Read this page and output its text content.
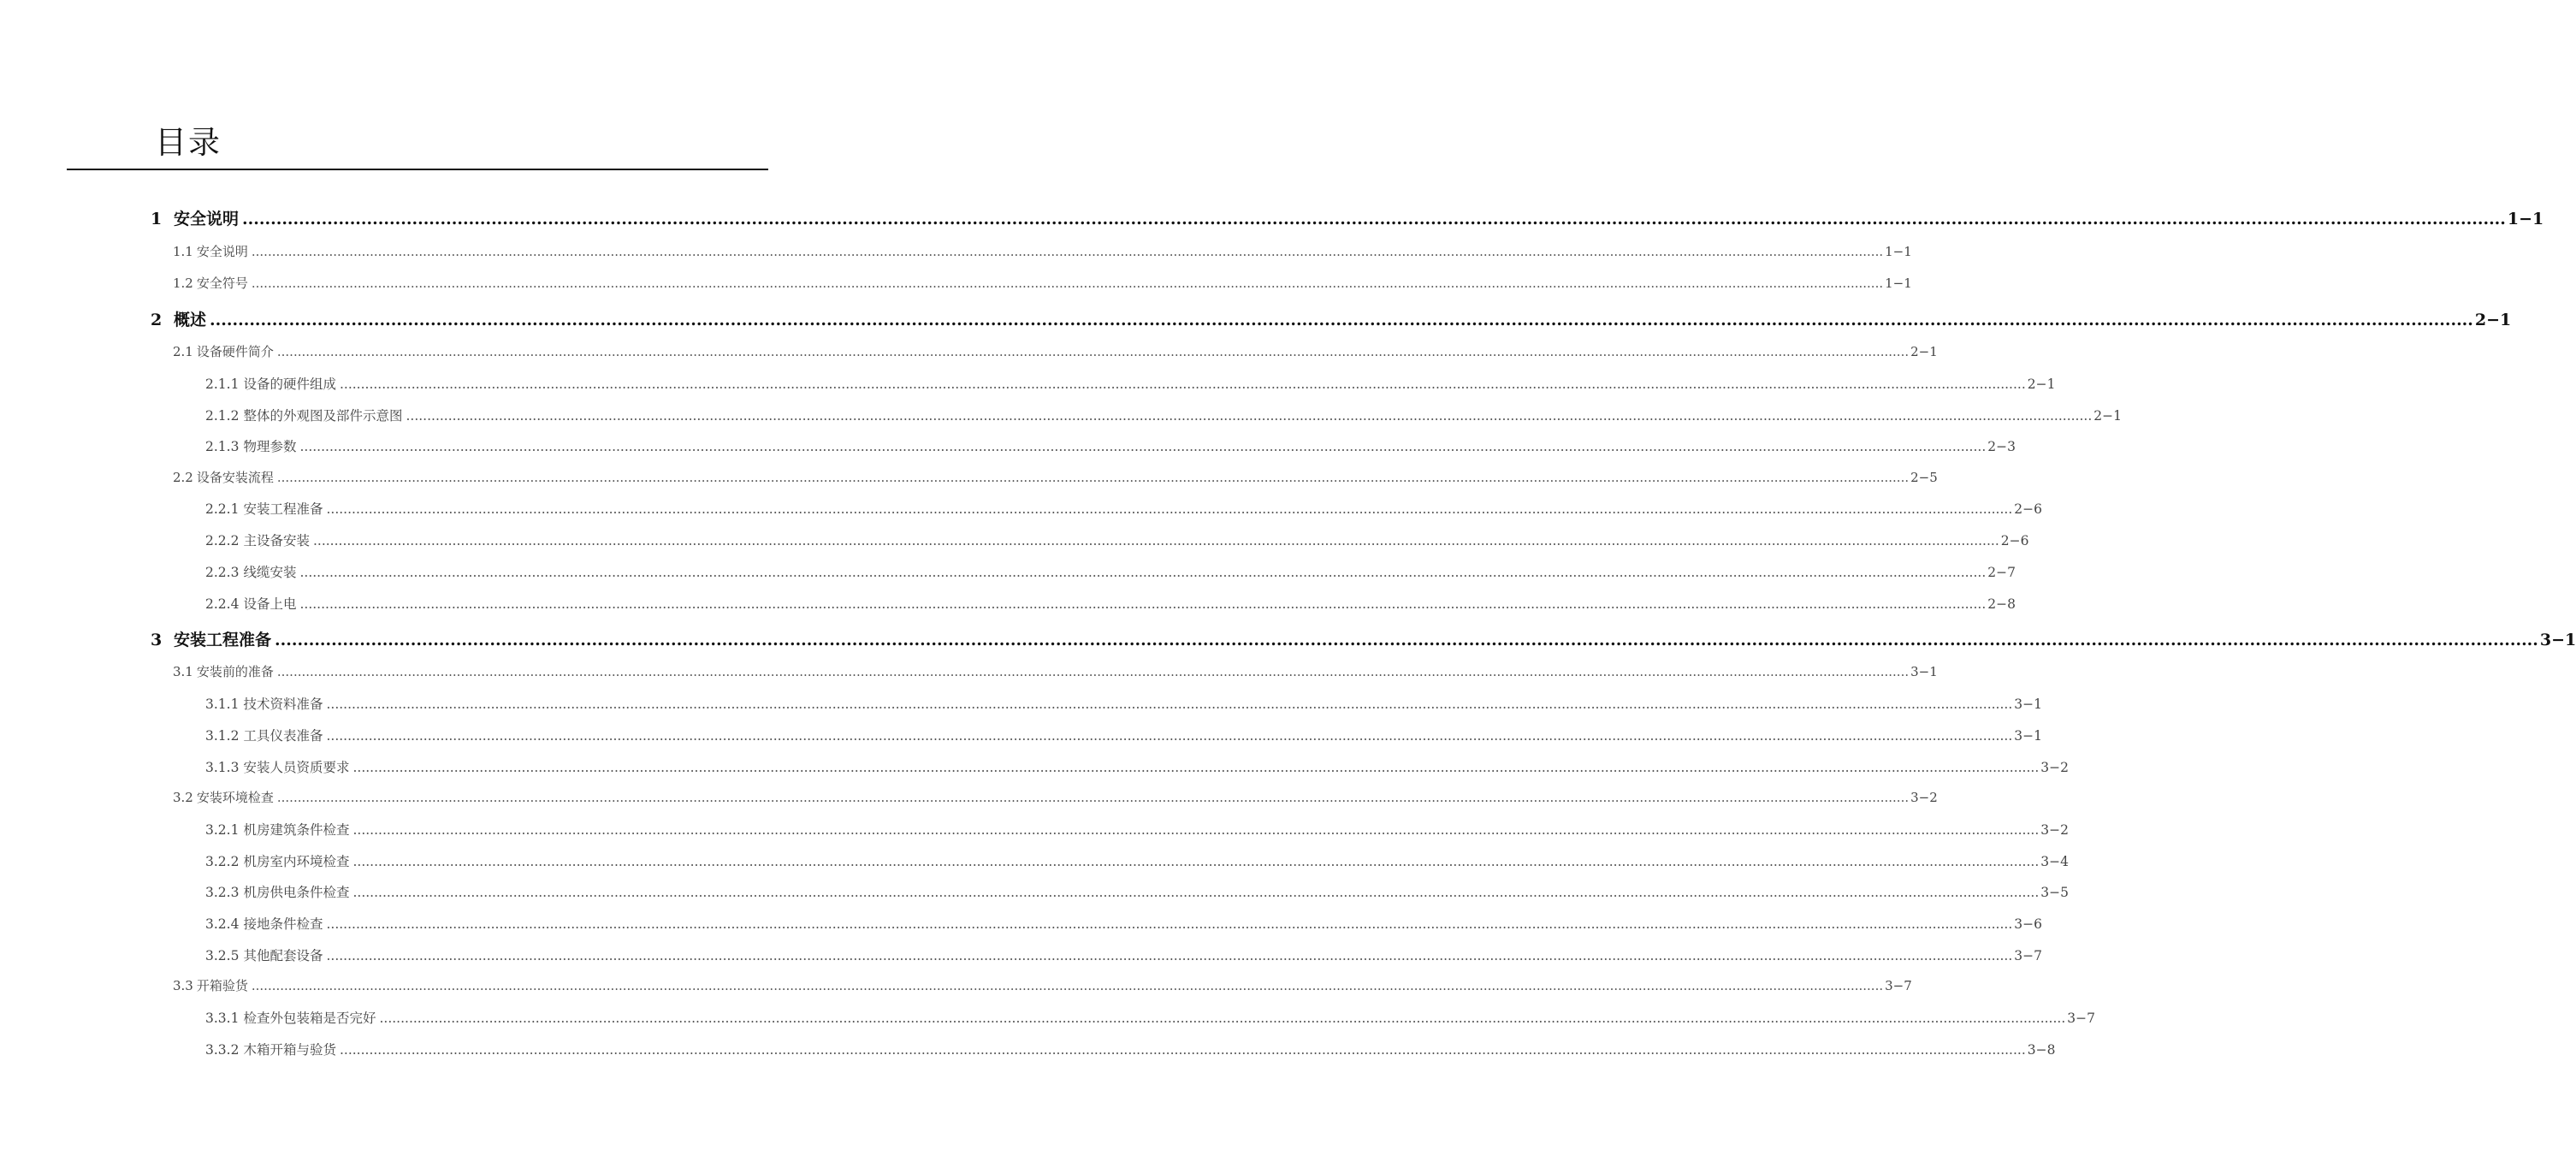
目录
1 安全说明 ................................................................................................................................................................................................................................................................................................................................................................................................................ 1−1
1.1 安全说明 ................................................................................................................................................................................................................................................................................................................................................................................................................ 1−1
1.2 安全符号 ................................................................................................................................................................................................................................................................................................................................................................................................................ 1−1
2 概述 ................................................................................................................................................................................................................................................................................................................................................................................................................ 2−1
2.1 设备硬件简介 ................................................................................................................................................................................................................................................................................................................................................................................................................ 2−1
2.1.1 设备的硬件组成 ................................................................................................................................................................................................................................................................................................................................................................................................................ 2−1
2.1.2 整体的外观图及部件示意图 ................................................................................................................................................................................................................................................................................................................................................................................................................ 2−1
2.1.3 物理参数 ................................................................................................................................................................................................................................................................................................................................................................................................................ 2−3
2.2 设备安装流程 ................................................................................................................................................................................................................................................................................................................................................................................................................ 2−5
2.2.1 安装工程准备 ................................................................................................................................................................................................................................................................................................................................................................................................................ 2−6
2.2.2 主设备安装 ................................................................................................................................................................................................................................................................................................................................................................................................................ 2−6
2.2.3 线缆安装 ................................................................................................................................................................................................................................................................................................................................................................................................................ 2−7
2.2.4 设备上电 ................................................................................................................................................................................................................................................................................................................................................................................................................ 2−8
3 安装工程准备 ................................................................................................................................................................................................................................................................................................................................................................................................................ 3−1
3.1 安装前的准备 ................................................................................................................................................................................................................................................................................................................................................................................................................ 3−1
3.1.1 技术资料准备 ................................................................................................................................................................................................................................................................................................................................................................................................................ 3−1
3.1.2 工具仪表准备 ................................................................................................................................................................................................................................................................................................................................................................................................................ 3−1
3.1.3 安装人员资质要求 ................................................................................................................................................................................................................................................................................................................................................................................................................ 3−2
3.2 安装环境检查 ................................................................................................................................................................................................................................................................................................................................................................................................................ 3−2
3.2.1 机房建筑条件检查 ................................................................................................................................................................................................................................................................................................................................................................................................................ 3−2
3.2.2 机房室内环境检查 ................................................................................................................................................................................................................................................................................................................................................................................................................ 3−4
3.2.3 机房供电条件检查 ................................................................................................................................................................................................................................................................................................................................................................................................................ 3−5
3.2.4 接地条件检查 ................................................................................................................................................................................................................................................................................................................................................................................................................ 3−6
3.2.5 其他配套设备 ................................................................................................................................................................................................................................................................................................................................................................................................................ 3−7
3.3 开箱验货 ................................................................................................................................................................................................................................................................................................................................................................................................................ 3−7
3.3.1 检查外包装箱是否完好 ................................................................................................................................................................................................................................................................................................................................................................................................................ 3−7
3.3.2 木箱开箱与验货 ................................................................................................................................................................................................................................................................................................................................................................................................................ 3−8
